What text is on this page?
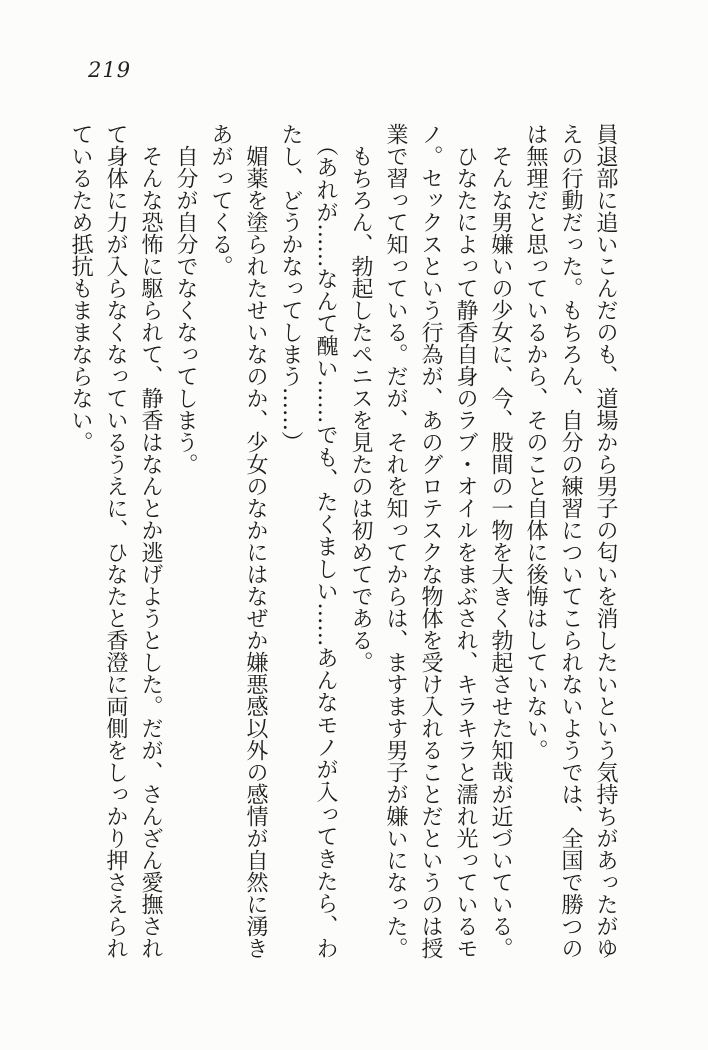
219

員退部に追いこんだのも、道場から男子の匂いを消したいという気持ちがあったがゆえの行動だった。もちろん、自分の練習についてこられないようでは、全国で勝つのは無理だと思っているから、そのこと自体に後悔はしていない。

そんな男嫌いの少女に、今、股間の一物を大きく勃起させた知哉が近づいている。

ひなたによって静香自身のラブ・オイルをまぶされ、キラキラと濡れ光っているモノ。セックスという行為が、あのグロテスクな物体を受け入れることだというのは授業で習って知っている。だが、それを知ってからは、ますます男子が嫌いになった。

もちろん、勃起したペニスを見たのは初めてである。

（あれが……なんて醜い……でも、たくましい……あんなモノが入ってきたら、わたし、どうかなってしまう……）

媚薬を塗られたせいなのか、少女のなかにはなぜか嫌悪感以外の感情が自然に湧きあがってくる。

自分が自分でなくなってしまう。

そんな恐怖に駆られて、静香はなんとか逃げようとした。だが、さんざん愛撫されて身体に力が入らなくなっているうえに、ひなたと香澄に両側をしっかり押さえられているため抵抗もままならない。
